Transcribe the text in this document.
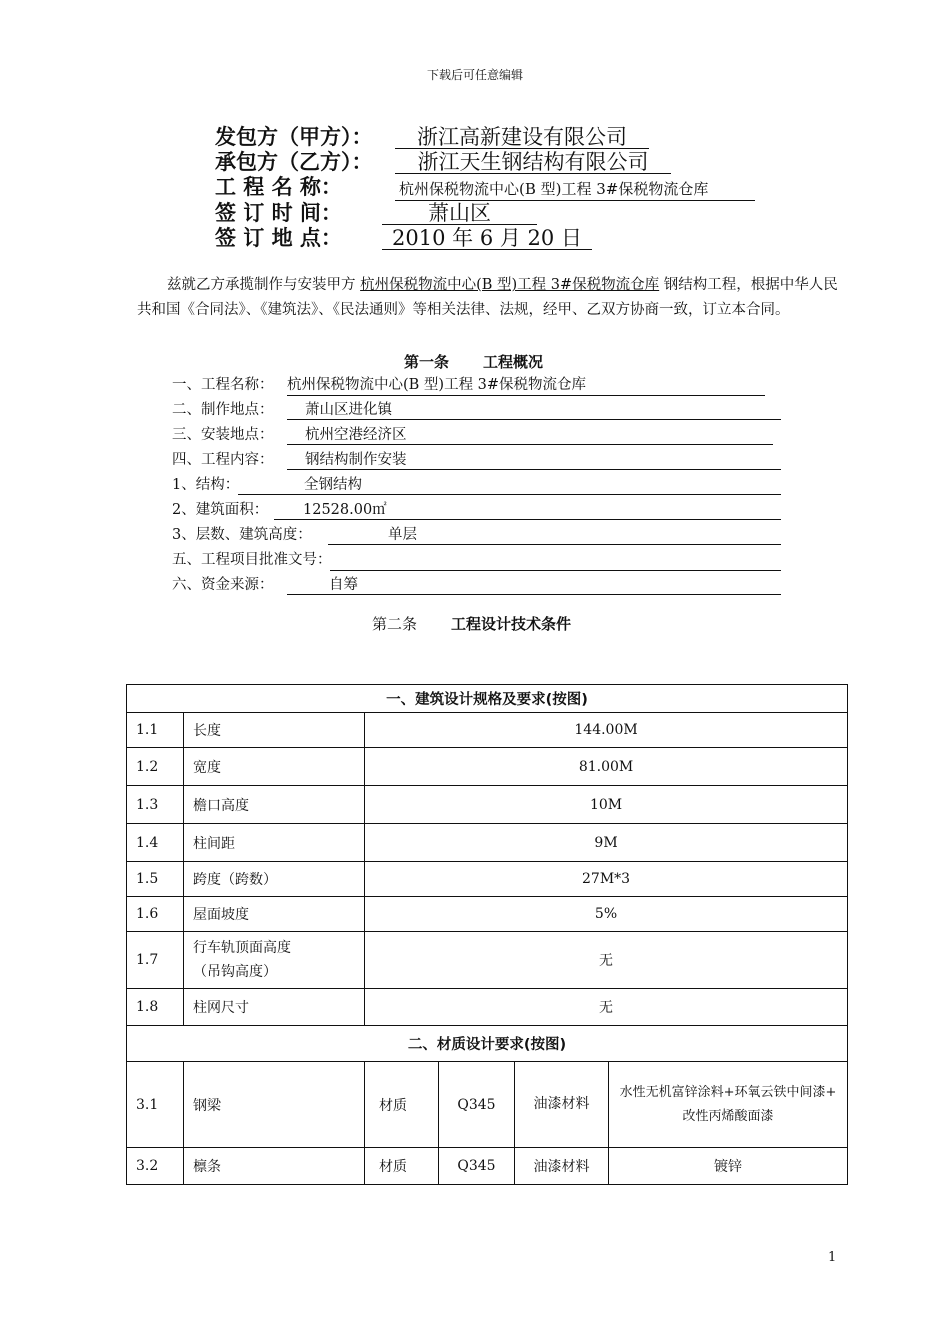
下载后可任意编辑
发包方（甲方）： 浙江高新建设有限公司
承包方（乙方）： 浙江天生钢结构有限公司
工 程 名 称：	杭州保税物流中心(B 型)工程 3#保税物流仓库
签 订 时 间：	萧山区
签 订 地 点： 2010 年 6 月 20 日
兹就乙方承揽制作与安装甲方 杭州保税物流中心(B 型)工程 3#保税物流仓库 钢结构工程，根据中华人民共和国《合同法》、《建筑法》、《民法通则》等相关法律、法规，经甲、乙双方协商一致，订立本合同。
第一条 工程概况
一、工程名称： 杭州保税物流中心(B 型)工程 3#保税物流仓库
二、制作地点：	萧山区进化镇
三、安装地点：	杭州空港经济区
四、工程内容：	钢结构制作安装
1、结构：	全钢结构
2、建筑面积：	12528.00㎡
3、层数、建筑高度：	单层
五、工程项目批准文号：
六、资金来源：	自筹
第二条 工程设计技术条件
一、建筑设计规格及要求(按图)					
1.1	长度	144.00M			
1.2	宽度	81.00M			
1.3	檐口高度	10M			
1.4	柱间距	9M			
1.5	跨度（跨数）	27M*3			
1.6	屋面坡度	5%			
1.7	行车轨顶面高度
（吊钩高度）	无			
1.8	柱网尺寸	无			
二、材质设计要求(按图)					
3.1	钢梁	材质	Q345	油漆材料	水性无机富锌涂料+环氧云铁中间漆+ 改性丙烯酸面漆
3.2	檩条	材质	Q345	油漆材料	镀锌
1
